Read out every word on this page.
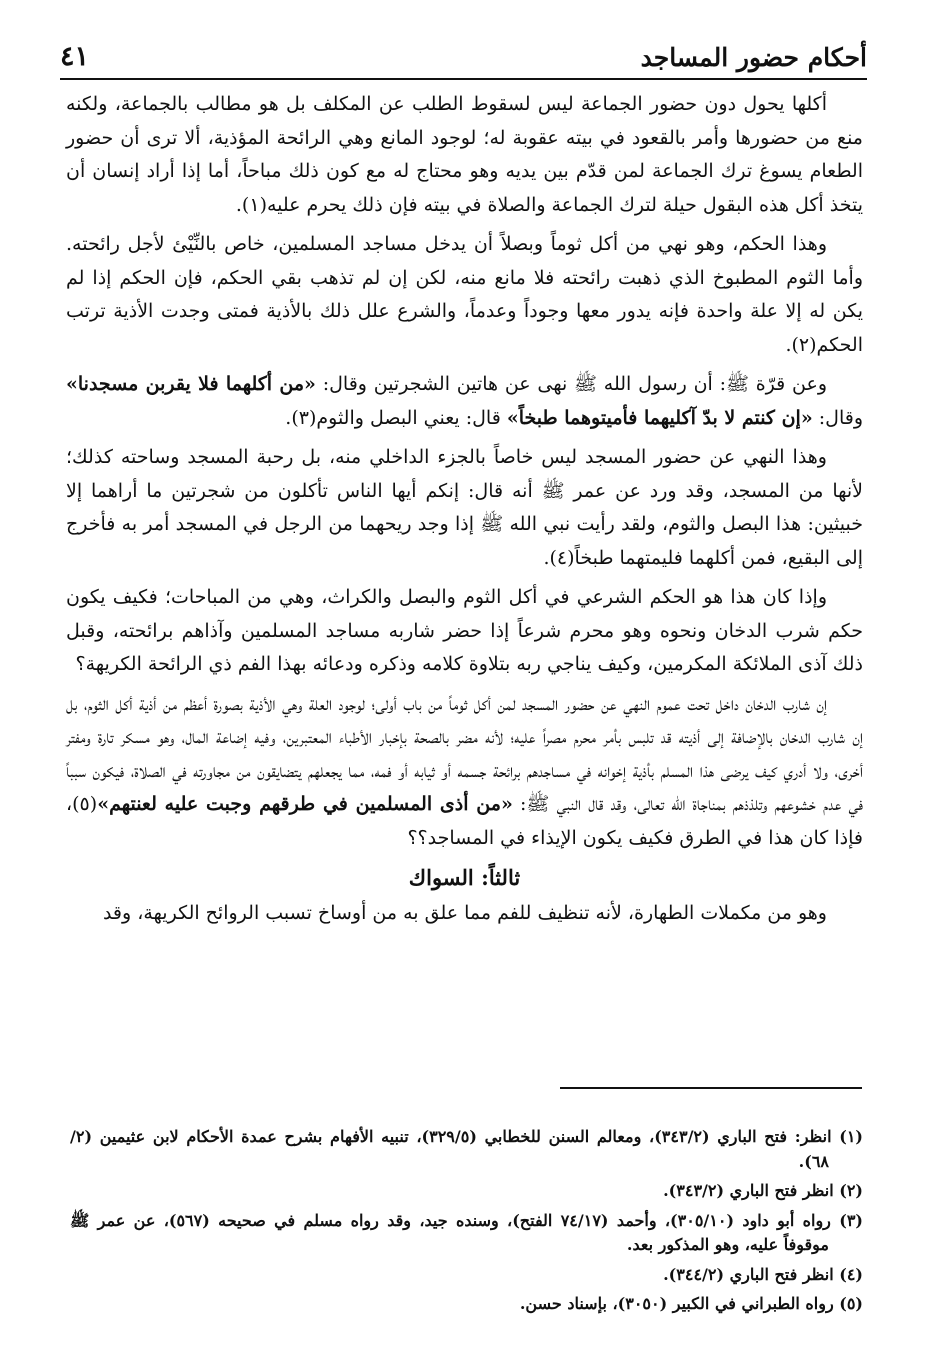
أحكام حضور المساجد
٤١

أكلها يحول دون حضور الجماعة ليس لسقوط الطلب عن المكلف بل هو مطالب بالجماعة، ولكنه منع من حضورها وأمر بالقعود في بيته عقوبة له؛ لوجود المانع وهي الرائحة المؤذية، ألا ترى أن حضور الطعام يسوغ ترك الجماعة لمن قدّم بين يديه وهو محتاج له مع كون ذلك مباحاً، أما إذا أراد إنسان أن يتخذ أكل هذه البقول حيلة لترك الجماعة والصلاة في بيته فإن ذلك يحرم عليه(١).

وهذا الحكم، وهو نهي من أكل ثوماً وبصلاً أن يدخل مساجد المسلمين، خاص بالنِّيْئ لأجل رائحته. وأما الثوم المطبوخ الذي ذهبت رائحته فلا مانع منه، لكن إن لم تذهب بقي الحكم، فإن الحكم إذا لم يكن له إلا علة واحدة فإنه يدور معها وجوداً وعدماً، والشرع علل ذلك بالأذية فمتى وجدت الأذية ترتب الحكم(٢).

وعن قرّة ﷺ: أن رسول الله ﷺ نهى عن هاتين الشجرتين وقال: «من أكلهما فلا يقربن مسجدنا» وقال: «إن كنتم لا بدّ آكليهما فأميتوهما طبخاً» قال: يعني البصل والثوم(٣).

وهذا النهي عن حضور المسجد ليس خاصاً بالجزء الداخلي منه، بل رحبة المسجد وساحته كذلك؛ لأنها من المسجد، وقد ورد عن عمر ﷺ أنه قال: إنكم أيها الناس تأكلون من شجرتين ما أراهما إلا خبيثين: هذا البصل والثوم، ولقد رأيت نبي الله ﷺ إذا وجد ريحهما من الرجل في المسجد أمر به فأخرج إلى البقيع، فمن أكلهما فليمتهما طبخاً(٤).

وإذا كان هذا هو الحكم الشرعي في أكل الثوم والبصل والكراث، وهي من المباحات؛ فكيف يكون حكم شرب الدخان ونحوه وهو محرم شرعاً إذا حضر شاربه مساجد المسلمين وآذاهم برائحته، وقبل ذلك آذى الملائكة المكرمين، وكيف يناجي ربه بتلاوة كلامه وذكره ودعائه بهذا الفم ذي الرائحة الكريهة؟

إن شارب الدخان داخل تحت عموم النهي عن حضور المسجد لمن أكل ثوماً من باب أولى؛ لوجود العلة وهي الأذية بصورة أعظم من أذية أكل الثوم، بل إن شارب الدخان بالإضافة إلى أذيته قد تلبس بأمر محرم مصراً عليه؛ لأنه مضر بالصحة بإخبار الأطباء المعتبرين، وفيه إضاعة المال، وهو مسكر تارة ومفتر أخرى، ولا أدري كيف يرضى هذا المسلم بأذية إخوانه في مساجدهم برائحة جسمه أو ثيابه أو فمه، مما يجعلهم يتضايقون من مجاورته في الصلاة، فيكون سبباً في عدم خشوعهم وتلذذهم بمناجاة الله تعالى، وقد قال النبي ﷺ: «من أذى المسلمين في طرقهم وجبت عليه لعنتهم»(٥)، فإذا كان هذا في الطرق فكيف يكون الإيذاء في المساجد؟؟

ثالثاً: السواك

وهو من مكملات الطهارة، لأنه تنظيف للفم مما علق به من أوساخ تسبب الروائح الكريهة، وقد

(١) انظر: فتح الباري (٣٤٣/٢)، ومعالم السنن للخطابي (٣٢٩/٥)، تنبيه الأفهام بشرح عمدة الأحكام لابن عثيمين (٢/ ٦٨).
(٢) انظر فتح الباري (٣٤٣/٢).
(٣) رواه أبو داود (٣٠٥/١٠)، وأحمد (٧٤/١٧ الفتح)، وسنده جيد، وقد رواه مسلم في صحيحه (٥٦٧)، عن عمر ﷺ موقوفاً عليه، وهو المذكور بعد.
(٤) انظر فتح الباري (٣٤٤/٢).
(٥) رواه الطبراني في الكبير (٣٠٥٠)، بإسناد حسن.
